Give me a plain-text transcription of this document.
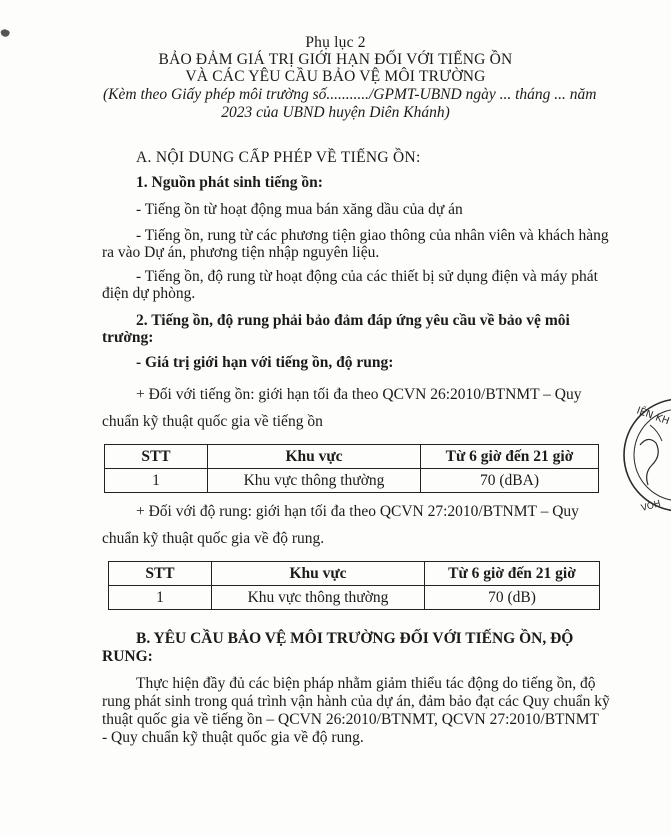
Phụ lục 2
BẢO ĐẢM GIÁ TRỊ GIỚI HẠN ĐỐI VỚI TIẾNG ỒN
VÀ CÁC YÊU CẦU BẢO VỆ MÔI TRƯỜNG
(Kèm theo Giấy phép môi trường số.........../GPMT-UBND ngày ... tháng ... năm
2023 của UBND huyện Diên Khánh)
A. NỘI DUNG CẤP PHÉP VỀ TIẾNG ỒN:
1. Nguồn phát sinh tiếng ồn:
- Tiếng ồn từ hoạt động mua bán xăng dầu của dự án
- Tiếng ồn, rung từ các phương tiện giao thông của nhân viên và khách hàng
ra vào Dự án, phương tiện nhập nguyên liệu.
- Tiếng ồn, độ rung từ hoạt động của các thiết bị sử dụng điện và máy phát
điện dự phòng.
2. Tiếng ồn, độ rung phải bảo đảm đáp ứng yêu cầu về bảo vệ môi
trường:
- Giá trị giới hạn với tiếng ồn, độ rung:
+ Đối với tiếng ồn: giới hạn tối đa theo QCVN 26:2010/BTNMT – Quy
chuẩn kỹ thuật quốc gia về tiếng ồn
STT	Khu vực	Từ 6 giờ đến 21 giờ
1	Khu vực thông thường	70 (dBA)
+ Đối với độ rung: giới hạn tối đa theo QCVN 27:2010/BTNMT – Quy
chuẩn kỹ thuật quốc gia về độ rung.
STT	Khu vực	Từ 6 giờ đến 21 giờ
1	Khu vực thông thường	70 (dB)
B. YÊU CẦU BẢO VỆ MÔI TRƯỜNG ĐỐI VỚI TIẾNG ỒN, ĐỘ
RUNG:
Thực hiện đầy đủ các biện pháp nhằm giảm thiểu tác động do tiếng ồn, độ
rung phát sinh trong quá trình vận hành của dự án, đảm bảo đạt các Quy chuẩn kỹ
thuật quốc gia về tiếng ồn – QCVN 26:2010/BTNMT, QCVN 27:2010/BTNMT
- Quy chuẩn kỹ thuật quốc gia về độ rung.
IÊN KH
VOH
